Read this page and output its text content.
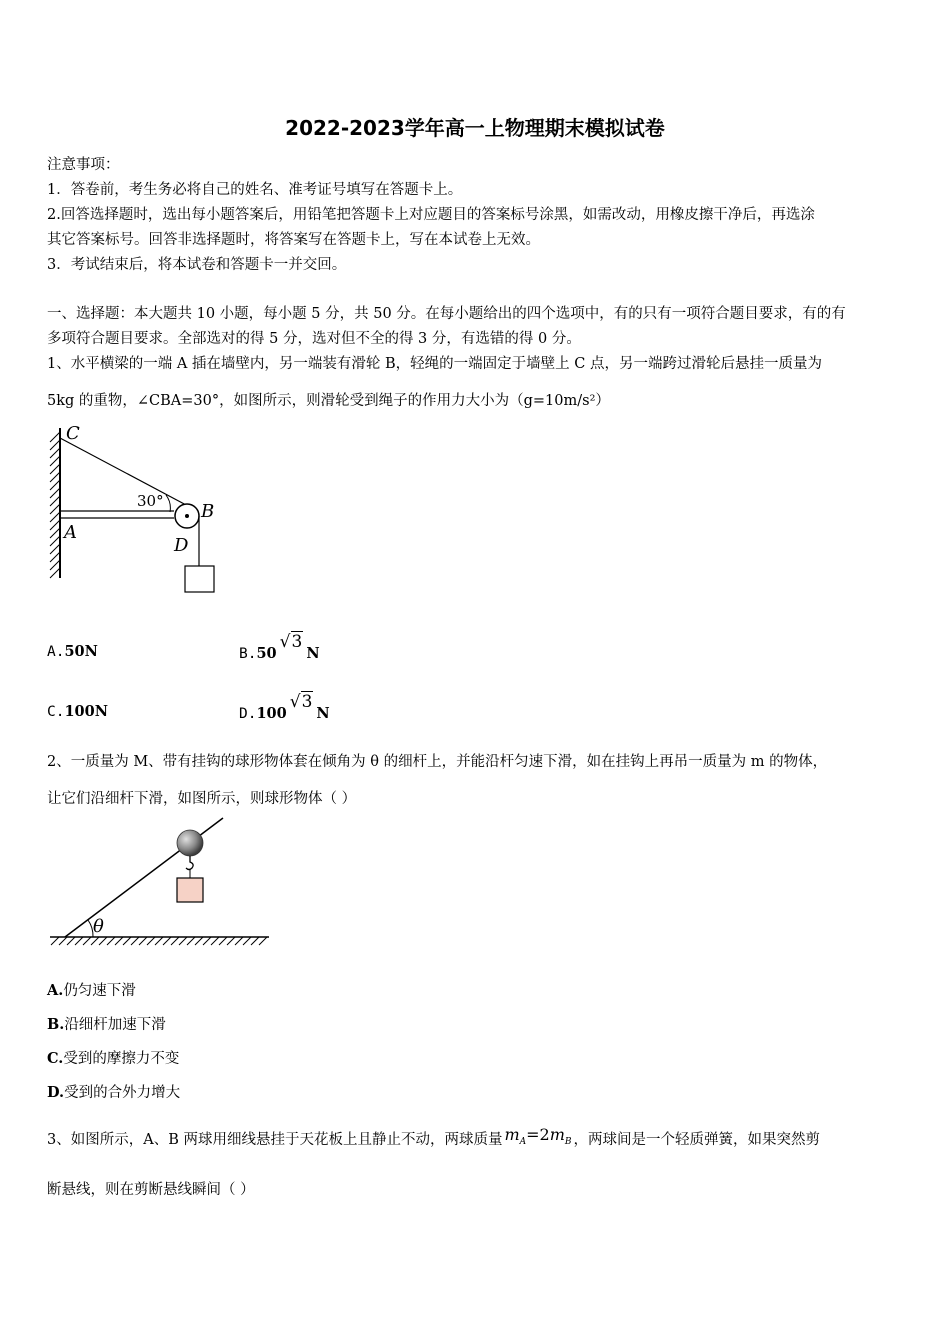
2022-2023学年高一上物理期末模拟试卷
注意事项：
1．答卷前，考生务必将自己的姓名、准考证号填写在答题卡上。
2.回答选择题时，选出每小题答案后，用铅笔把答题卡上对应题目的答案标号涂黑，如需改动，用橡皮擦干净后，再选涂
其它答案标号。回答非选择题时，将答案写在答题卡上，写在本试卷上无效。
3．考试结束后，将本试卷和答题卡一并交回。
一、选择题：本大题共 10 小题，每小题 5 分，共 50 分。在每小题给出的四个选项中，有的只有一项符合题目要求，有的有
多项符合题目要求。全部选对的得 5 分，选对但不全的得 3 分，有选错的得 0 分。
1、水平横梁的一端 A 插在墙壁内，另一端装有滑轮 B，轻绳的一端固定于墙壁上 C 点，另一端跨过滑轮后悬挂一质量为
5kg 的重物，∠CBA=30°，如图所示，则滑轮受到绳子的作用力大小为（g=10m/s²）
C
A
B
D
30°
A.50N	B.50√3N
C.100N	D.100√3N
2、一质量为 M、带有挂钩的球形物体套在倾角为 θ 的细杆上，并能沿杆匀速下滑，如在挂钩上再吊一质量为 m 的物体，
让它们沿细杆下滑，如图所示，则球形物体（ ）
θ
A.仍匀速下滑
B.沿细杆加速下滑
C.受到的摩擦力不变
D.受到的合外力增大
3、如图所示，A、B 两球用细线悬挂于天花板上且静止不动，两球质量 $m_A=2m_B$ ，两球间是一个轻质弹簧，如果突然剪
断悬线，则在剪断悬线瞬间（ ）
